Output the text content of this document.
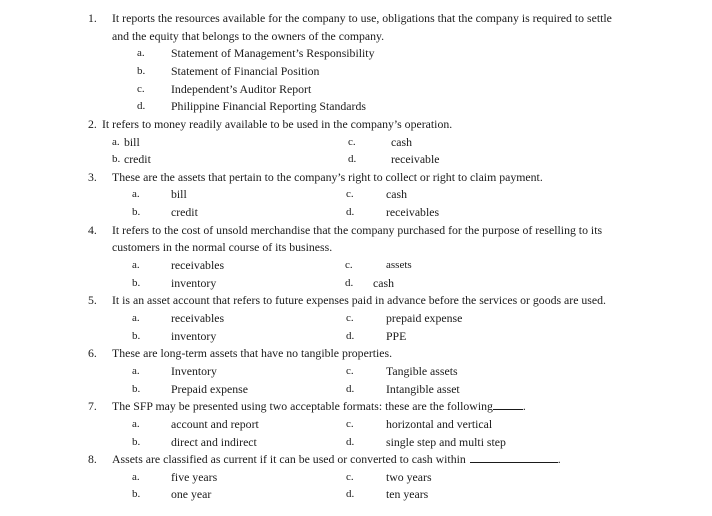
1. It reports the resources available for the company to use, obligations that the company is required to settle
and the equity that belongs to the owners of the company.
a. Statement of Management’s Responsibility
b. Statement of Financial Position
c. Independent’s Auditor Report
d. Philippine Financial Reporting Standards
2. It refers to money readily available to be used in the company’s operation.
a. bill	c.	cash
b. credit	d.	receivable
3. These are the assets that pertain to the company’s right to collect or right to claim payment.
a.	bill	c.	cash
b.	credit	d.	receivables
4. It refers to the cost of unsold merchandise that the company purchased for the purpose of reselling to its
customers in the normal course of its business.
a.	receivables	c.	assets
b.	inventory	d. cash
5. It is an asset account that refers to future expenses paid in advance before the services or goods are used.
a.	receivables	c.	prepaid expense
b.	inventory	d.	PPE
6. These are long-term assets that have no tangible properties.
a.	Inventory	c.	Tangible assets
b.	Prepaid expense	d.	Intangible asset
7. The SFP may be presented using two acceptable formats: these are the following	.
a.	account and report	c.	horizontal and vertical
b.	direct and indirect	d.	single step and multi step
8. Assets are classified as current if it can be used or converted to cash within	.
a.	five years	c.	two years
b.	one year	d.	ten years
